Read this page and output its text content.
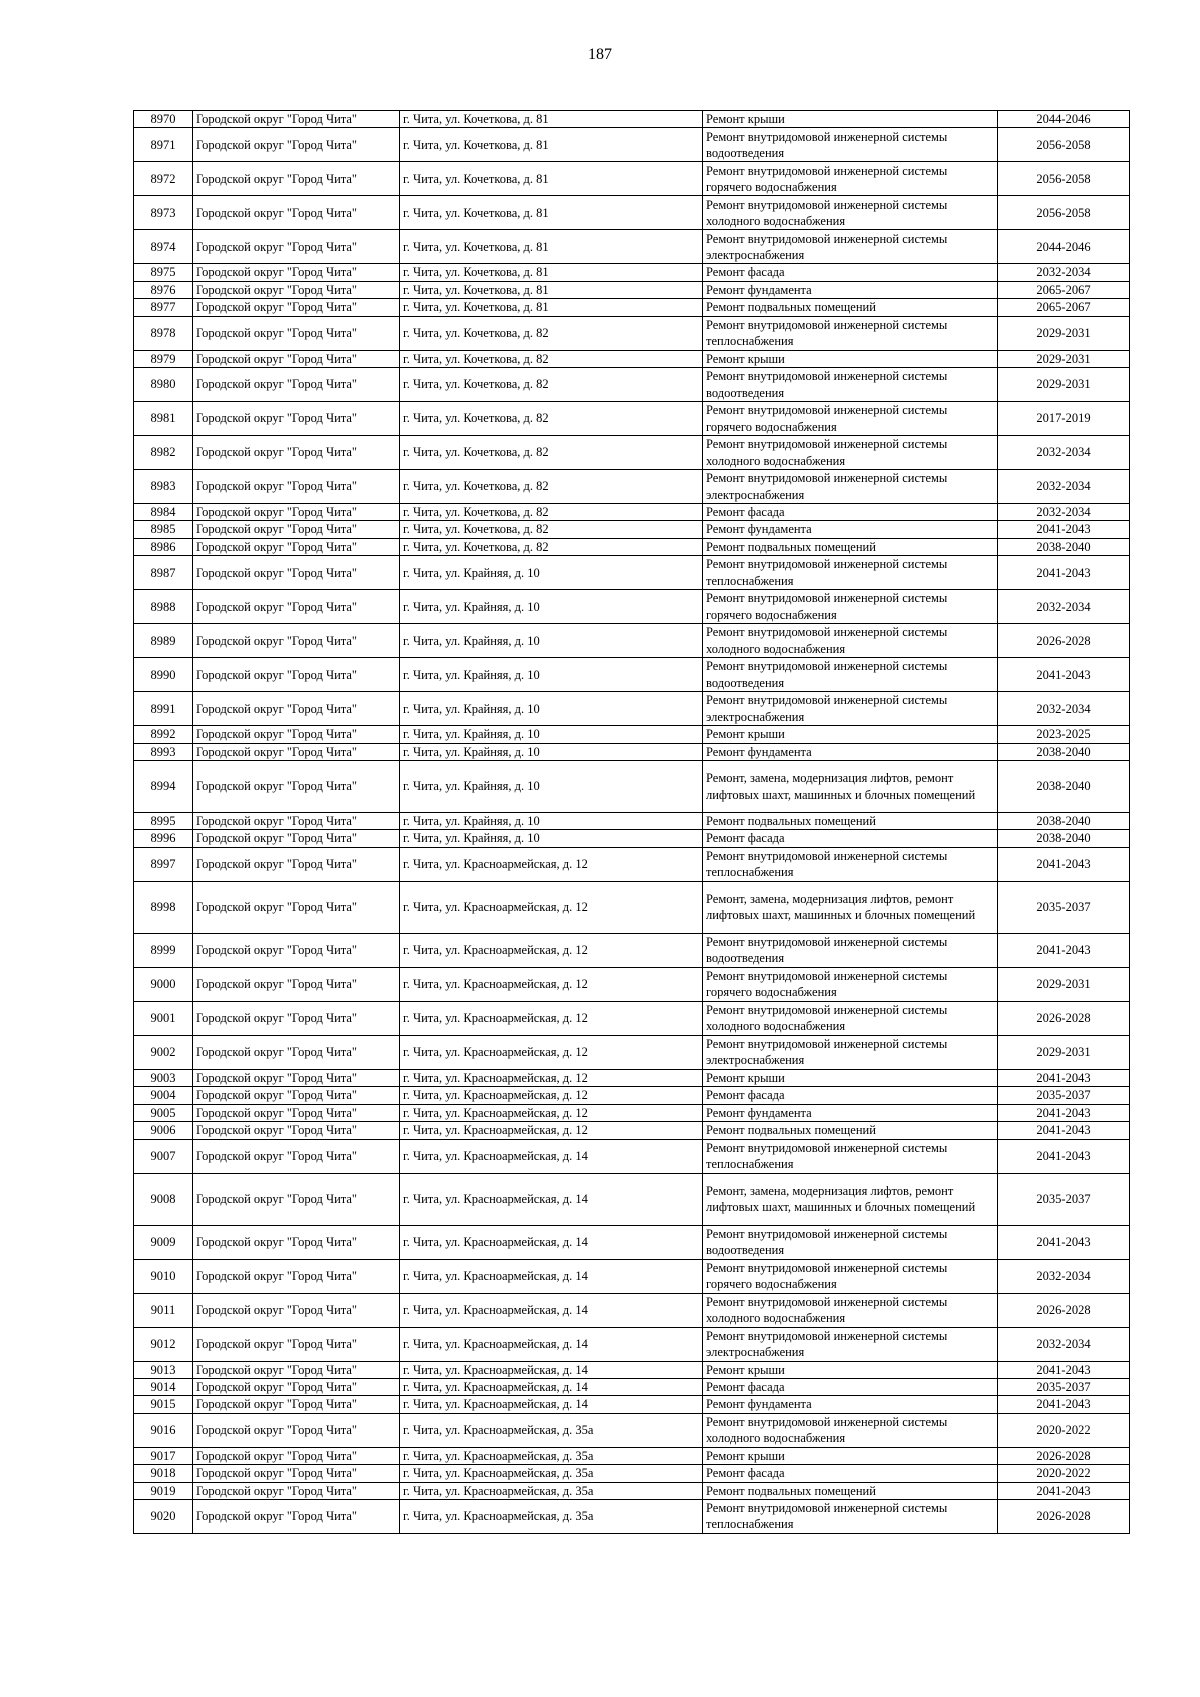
187
8970	Городской округ "Город Чита"	г. Чита, ул. Кочеткова, д. 81	Ремонт крыши	2044-2046
8971	Городской округ "Город Чита"	г. Чита, ул. Кочеткова, д. 81	Ремонт внутридомовой инженерной системы водоотведения	2056-2058
8972	Городской округ "Город Чита"	г. Чита, ул. Кочеткова, д. 81	Ремонт внутридомовой инженерной системы горячего водоснабжения	2056-2058
8973	Городской округ "Город Чита"	г. Чита, ул. Кочеткова, д. 81	Ремонт внутридомовой инженерной системы холодного водоснабжения	2056-2058
8974	Городской округ "Город Чита"	г. Чита, ул. Кочеткова, д. 81	Ремонт внутридомовой инженерной системы электроснабжения	2044-2046
8975	Городской округ "Город Чита"	г. Чита, ул. Кочеткова, д. 81	Ремонт фасада	2032-2034
8976	Городской округ "Город Чита"	г. Чита, ул. Кочеткова, д. 81	Ремонт фундамента	2065-2067
8977	Городской округ "Город Чита"	г. Чита, ул. Кочеткова, д. 81	Ремонт подвальных помещений	2065-2067
8978	Городской округ "Город Чита"	г. Чита, ул. Кочеткова, д. 82	Ремонт внутридомовой инженерной системы теплоснабжения	2029-2031
8979	Городской округ "Город Чита"	г. Чита, ул. Кочеткова, д. 82	Ремонт крыши	2029-2031
8980	Городской округ "Город Чита"	г. Чита, ул. Кочеткова, д. 82	Ремонт внутридомовой инженерной системы водоотведения	2029-2031
8981	Городской округ "Город Чита"	г. Чита, ул. Кочеткова, д. 82	Ремонт внутридомовой инженерной системы горячего водоснабжения	2017-2019
8982	Городской округ "Город Чита"	г. Чита, ул. Кочеткова, д. 82	Ремонт внутридомовой инженерной системы холодного водоснабжения	2032-2034
8983	Городской округ "Город Чита"	г. Чита, ул. Кочеткова, д. 82	Ремонт внутридомовой инженерной системы электроснабжения	2032-2034
8984	Городской округ "Город Чита"	г. Чита, ул. Кочеткова, д. 82	Ремонт фасада	2032-2034
8985	Городской округ "Город Чита"	г. Чита, ул. Кочеткова, д. 82	Ремонт фундамента	2041-2043
8986	Городской округ "Город Чита"	г. Чита, ул. Кочеткова, д. 82	Ремонт подвальных помещений	2038-2040
8987	Городской округ "Город Чита"	г. Чита, ул. Крайняя, д. 10	Ремонт внутридомовой инженерной системы теплоснабжения	2041-2043
8988	Городской округ "Город Чита"	г. Чита, ул. Крайняя, д. 10	Ремонт внутридомовой инженерной системы горячего водоснабжения	2032-2034
8989	Городской округ "Город Чита"	г. Чита, ул. Крайняя, д. 10	Ремонт внутридомовой инженерной системы холодного водоснабжения	2026-2028
8990	Городской округ "Город Чита"	г. Чита, ул. Крайняя, д. 10	Ремонт внутридомовой инженерной системы водоотведения	2041-2043
8991	Городской округ "Город Чита"	г. Чита, ул. Крайняя, д. 10	Ремонт внутридомовой инженерной системы электроснабжения	2032-2034
8992	Городской округ "Город Чита"	г. Чита, ул. Крайняя, д. 10	Ремонт крыши	2023-2025
8993	Городской округ "Город Чита"	г. Чита, ул. Крайняя, д. 10	Ремонт фундамента	2038-2040
8994	Городской округ "Город Чита"	г. Чита, ул. Крайняя, д. 10	Ремонт, замена, модернизация лифтов, ремонт лифтовых шахт, машинных и блочных помещений	2038-2040
8995	Городской округ "Город Чита"	г. Чита, ул. Крайняя, д. 10	Ремонт подвальных помещений	2038-2040
8996	Городской округ "Город Чита"	г. Чита, ул. Крайняя, д. 10	Ремонт фасада	2038-2040
8997	Городской округ "Город Чита"	г. Чита, ул. Красноармейская, д. 12	Ремонт внутридомовой инженерной системы теплоснабжения	2041-2043
8998	Городской округ "Город Чита"	г. Чита, ул. Красноармейская, д. 12	Ремонт, замена, модернизация лифтов, ремонт лифтовых шахт, машинных и блочных помещений	2035-2037
8999	Городской округ "Город Чита"	г. Чита, ул. Красноармейская, д. 12	Ремонт внутридомовой инженерной системы водоотведения	2041-2043
9000	Городской округ "Город Чита"	г. Чита, ул. Красноармейская, д. 12	Ремонт внутридомовой инженерной системы горячего водоснабжения	2029-2031
9001	Городской округ "Город Чита"	г. Чита, ул. Красноармейская, д. 12	Ремонт внутридомовой инженерной системы холодного водоснабжения	2026-2028
9002	Городской округ "Город Чита"	г. Чита, ул. Красноармейская, д. 12	Ремонт внутридомовой инженерной системы электроснабжения	2029-2031
9003	Городской округ "Город Чита"	г. Чита, ул. Красноармейская, д. 12	Ремонт крыши	2041-2043
9004	Городской округ "Город Чита"	г. Чита, ул. Красноармейская, д. 12	Ремонт фасада	2035-2037
9005	Городской округ "Город Чита"	г. Чита, ул. Красноармейская, д. 12	Ремонт фундамента	2041-2043
9006	Городской округ "Город Чита"	г. Чита, ул. Красноармейская, д. 12	Ремонт подвальных помещений	2041-2043
9007	Городской округ "Город Чита"	г. Чита, ул. Красноармейская, д. 14	Ремонт внутридомовой инженерной системы теплоснабжения	2041-2043
9008	Городской округ "Город Чита"	г. Чита, ул. Красноармейская, д. 14	Ремонт, замена, модернизация лифтов, ремонт лифтовых шахт, машинных и блочных помещений	2035-2037
9009	Городской округ "Город Чита"	г. Чита, ул. Красноармейская, д. 14	Ремонт внутридомовой инженерной системы водоотведения	2041-2043
9010	Городской округ "Город Чита"	г. Чита, ул. Красноармейская, д. 14	Ремонт внутридомовой инженерной системы горячего водоснабжения	2032-2034
9011	Городской округ "Город Чита"	г. Чита, ул. Красноармейская, д. 14	Ремонт внутридомовой инженерной системы холодного водоснабжения	2026-2028
9012	Городской округ "Город Чита"	г. Чита, ул. Красноармейская, д. 14	Ремонт внутридомовой инженерной системы электроснабжения	2032-2034
9013	Городской округ "Город Чита"	г. Чита, ул. Красноармейская, д. 14	Ремонт крыши	2041-2043
9014	Городской округ "Город Чита"	г. Чита, ул. Красноармейская, д. 14	Ремонт фасада	2035-2037
9015	Городской округ "Город Чита"	г. Чита, ул. Красноармейская, д. 14	Ремонт фундамента	2041-2043
9016	Городской округ "Город Чита"	г. Чита, ул. Красноармейская, д. 35а	Ремонт внутридомовой инженерной системы холодного водоснабжения	2020-2022
9017	Городской округ "Город Чита"	г. Чита, ул. Красноармейская, д. 35а	Ремонт крыши	2026-2028
9018	Городской округ "Город Чита"	г. Чита, ул. Красноармейская, д. 35а	Ремонт фасада	2020-2022
9019	Городской округ "Город Чита"	г. Чита, ул. Красноармейская, д. 35а	Ремонт подвальных помещений	2041-2043
9020	Городской округ "Город Чита"	г. Чита, ул. Красноармейская, д. 35а	Ремонт внутридомовой инженерной системы теплоснабжения	2026-2028
